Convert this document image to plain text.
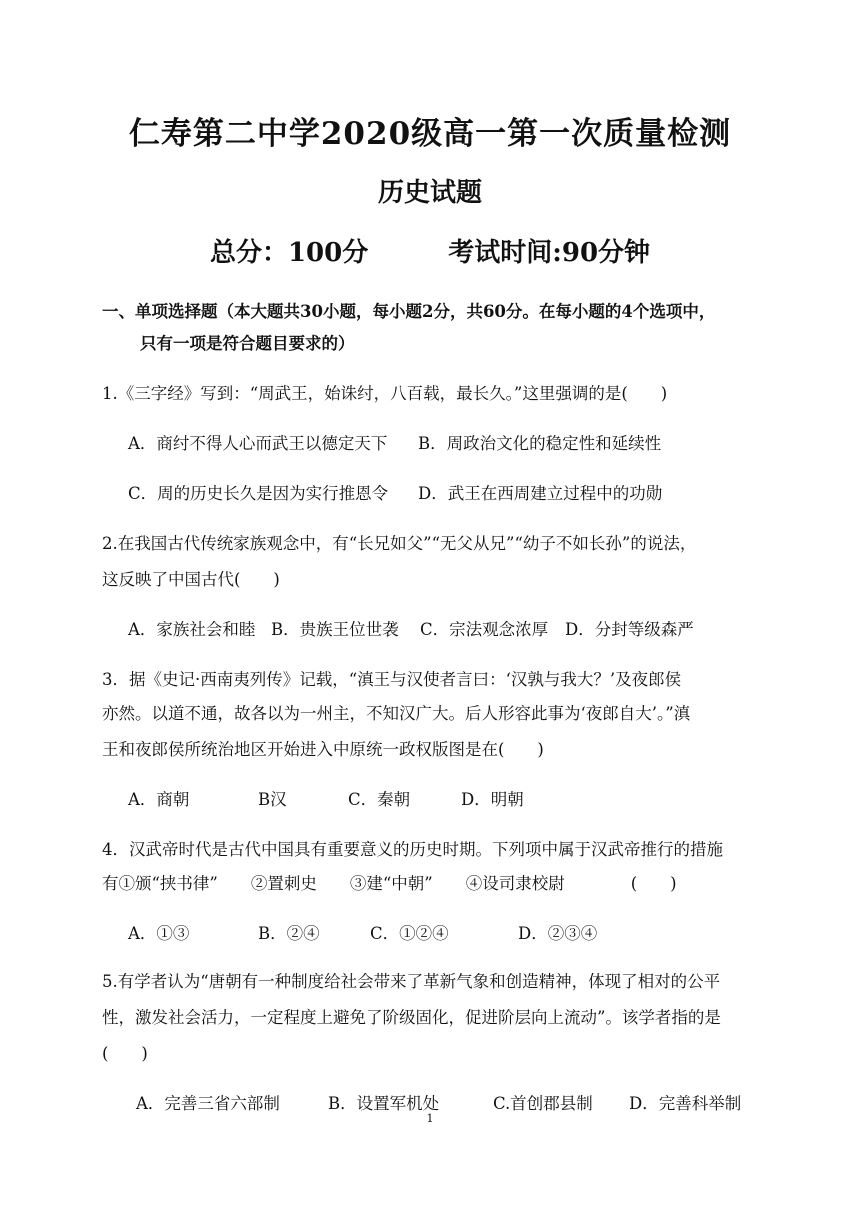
仁寿第二中学2020级高一第一次质量检测
历史试题
总分：100分	考试时间:90分钟
一、单项选择题（本大题共30小题，每小题2分，共60分。在每小题的4个选项中，
只有一项是符合题目要求的）
1.《三字经》写到：“周武王，始诛纣，八百载，最长久。”这里强调的是(　　)
A．商纣不得人心而武王以德定天下 B．周政治文化的稳定性和延续性
C．周的历史长久是因为实行推恩令 D．武王在西周建立过程中的功勋
2.在我国古代传统家族观念中，有“长兄如父”“无父从兄”“幼子不如长孙”的说法，
这反映了中国古代(　　)
A．家族社会和睦 B．贵族王位世袭 C．宗法观念浓厚 D．分封等级森严
3．据《史记·西南夷列传》记载，“滇王与汉使者言曰：‘汉孰与我大？’及夜郎侯
亦然。以道不通，故各以为一州主，不知汉广大。后人形容此事为‘夜郎自大’。”滇
王和夜郎侯所统治地区开始进入中原统一政权版图是在(　　)
A．商朝	B汉	C．秦朝	D．明朝
4．汉武帝时代是古代中国具有重要意义的历史时期。下列项中属于汉武帝推行的措施
有①颁“挟书律”　　②置刺史　　③建“中朝”　　④设司隶校尉　　　　(　　)
A．①③	B．②④	C．①②④	D．②③④
5.有学者认为“唐朝有一种制度给社会带来了革新气象和创造精神，体现了相对的公平
性，激发社会活力，一定程度上避免了阶级固化，促进阶层向上流动”。该学者指的是
(　　)
A．完善三省六部制	B．设置军机处	C.首创郡县制 D．完善科举制
1
